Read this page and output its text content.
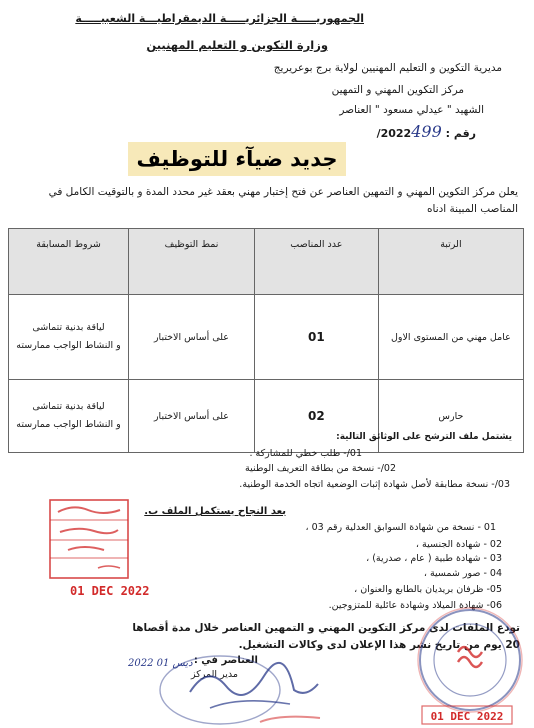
الجمهوريـــــة الجزائريـــــة الديمقراطيـــة الشعبيـــــة
وزارة التكوين و التعليم المهنيين
مديرية التكوين و التعليم المهنيين لولاية برج بوعريريج
مركز التكوين المهني و التمهين
الشهيد " عيدلي مسعود " العناصر
/2022499 رقم :
جديد ضيآء للتوظيف
يعلن مركز التكوين المهني و التمهين العناصر عن فتح إختبار مهني بعقد غير محدد المدة و بالتوقيت الكامل في المناصب المبينة ادناه
شروط المسابقة	نمط التوظيف	عدد المناصب	الرتبة

لياقة بدنية تتماشى
و النشاط الواجب ممارسته	على أساس الاختبار	01	عامل مهني من المستوى الاول

لياقة بدنية تتماشى
و النشاط الواجب ممارسته	على أساس الاختبار	02	حارس
يشتمل ملف الترشح على الوثائق التالية:
01/- طلب خطي للمشاركة .
02/- نسخة من بطاقة التعريف الوطنية
03/- نسخة مطابقة لأصل شهادة إثبات الوضعية اتجاه الخدمة الوطنية.
بعد النجاح يستكمل الملف ب.
01 - نسخة من شهادة السوابق العدلية رقم 03 ،
02 - شهادة الجنسية ،
03 - شهادة طبية ( عام ، صدرية) ،
04 - صور شمسية ،
05- ظرفان بريديان بالطابع والعنوان ،
06- شهادة الميلاد وشهادة عائلية للمتزوجين.
تودع الملفات لدى مركز التكوين المهني و التمهين العناصر خلال مدة أقصاها 20 يوم من تاريخ نشر هذا الإعلان لدى وكالات التشغيل.
العناصر في :
مدير المركز
2022 01 ديس
01 DEC 2022
01 DEC 2022
